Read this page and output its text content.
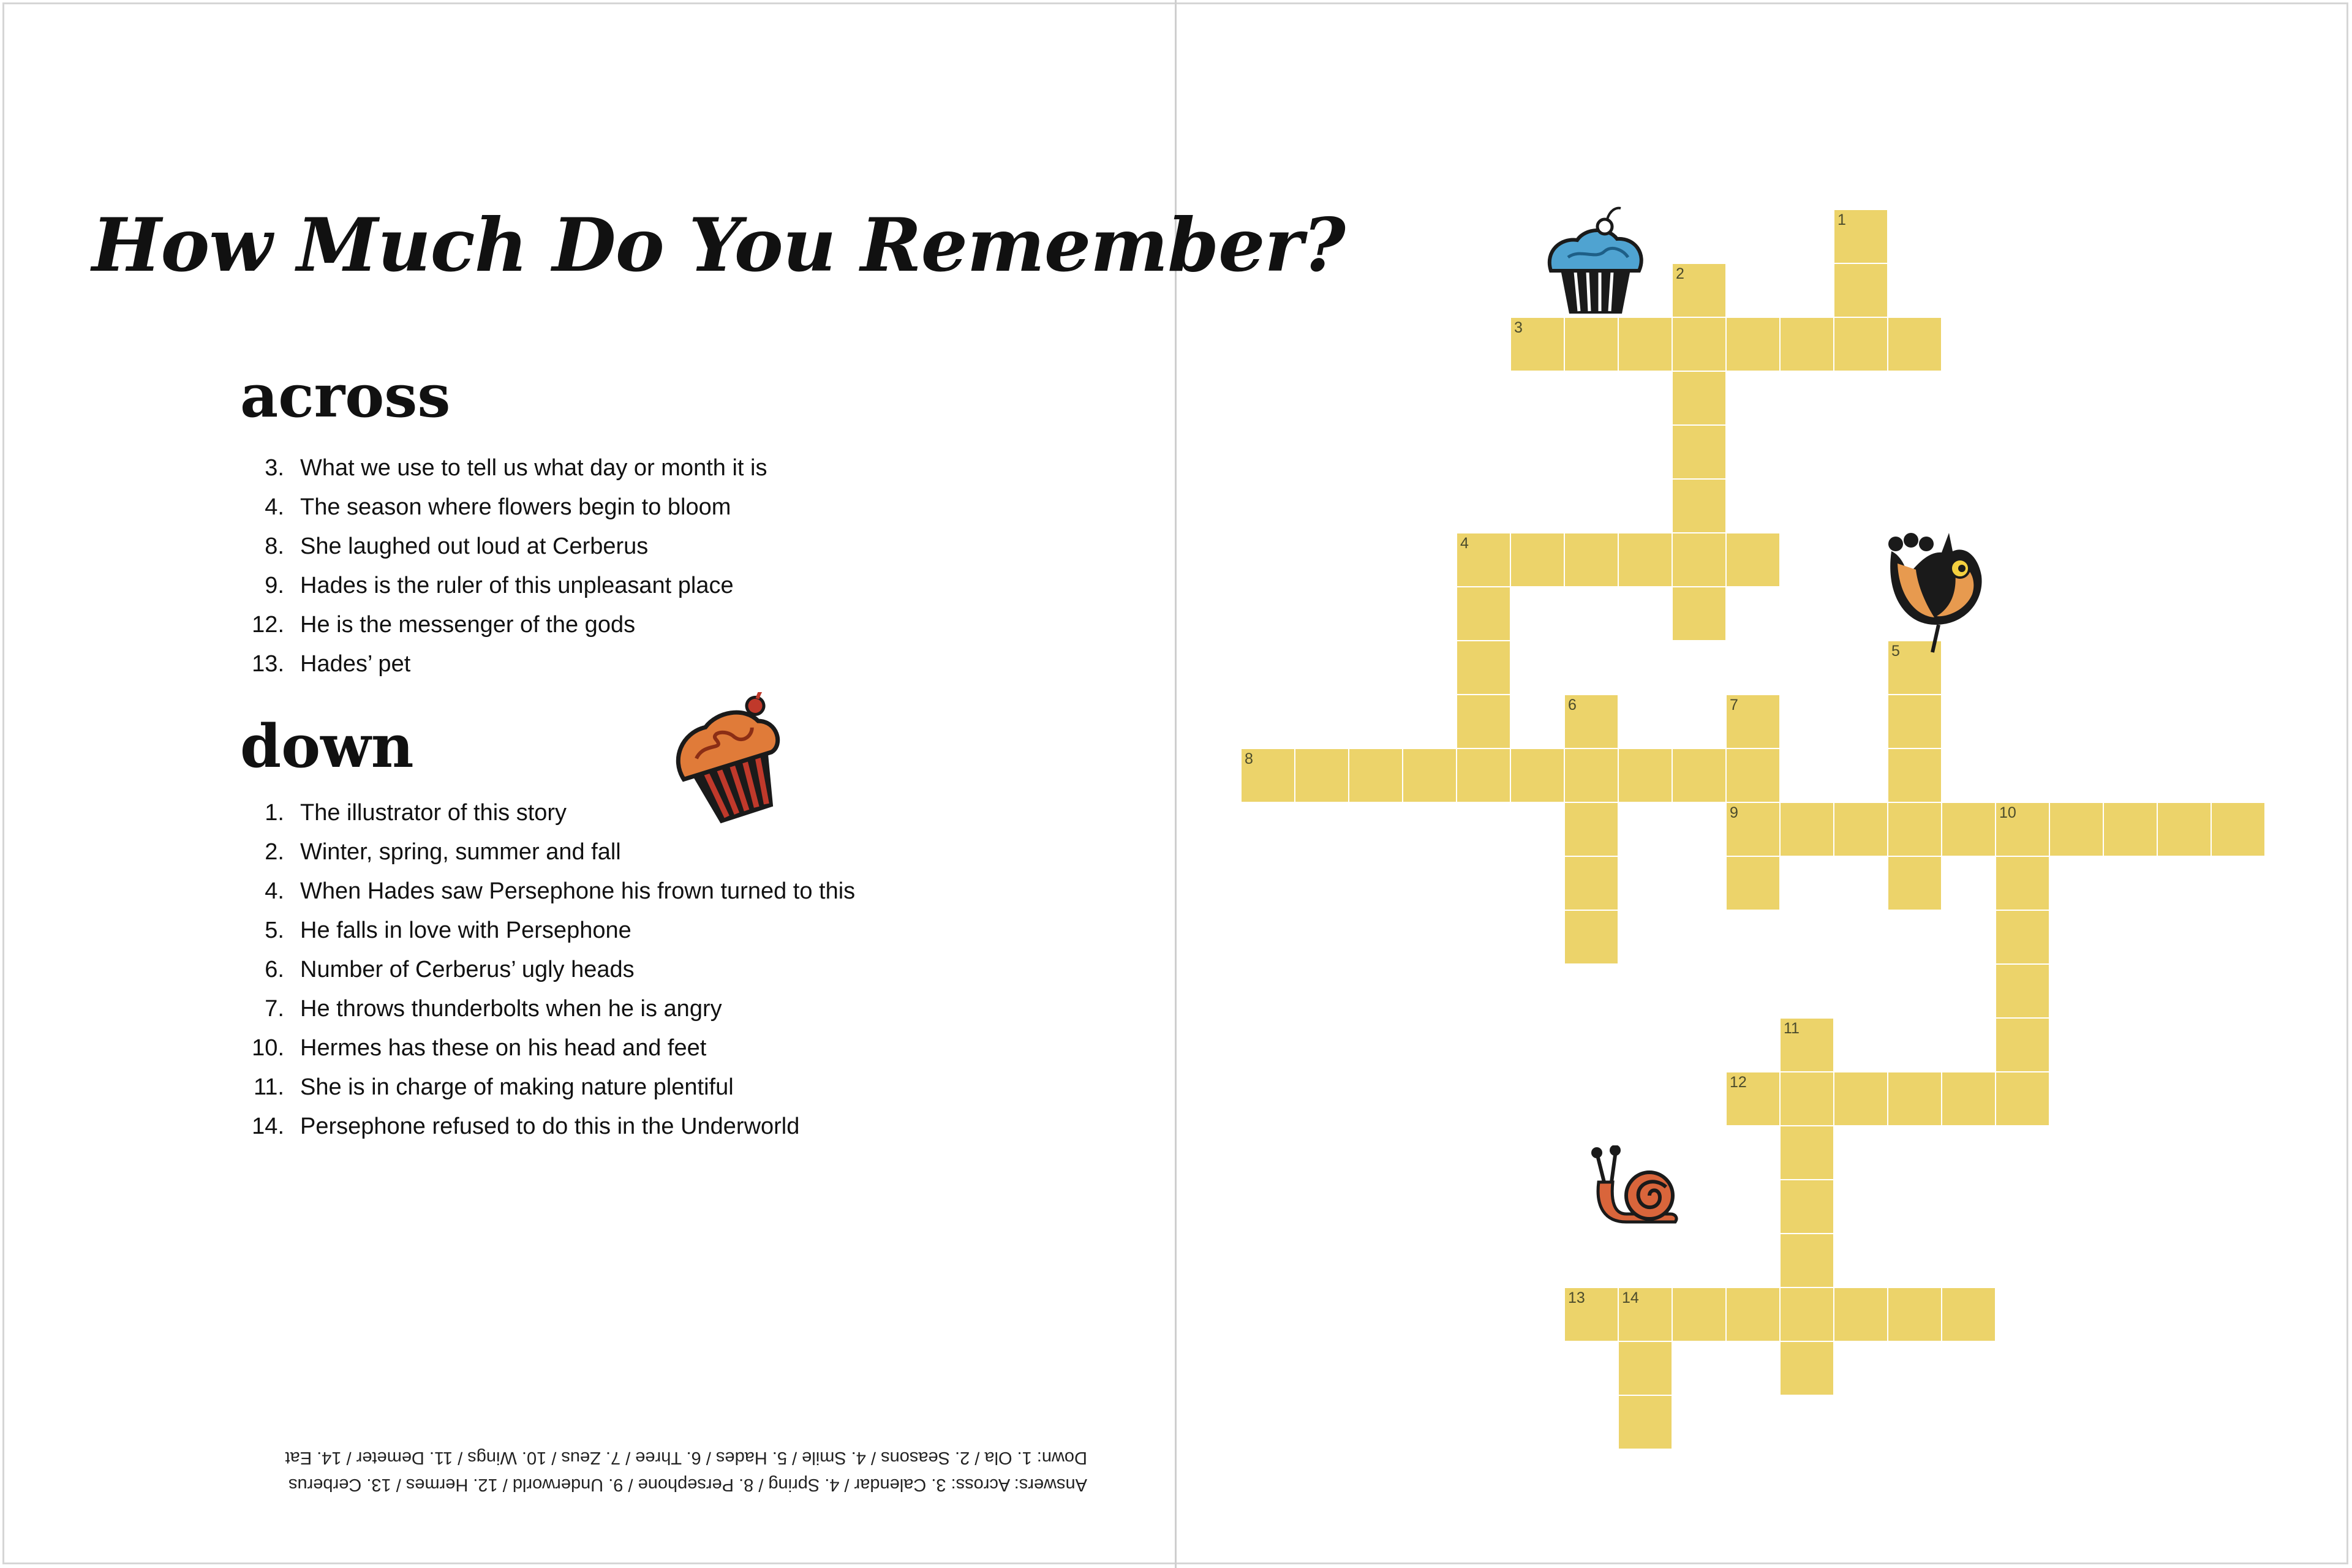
How Much Do You Remember?
across
3. What we use to tell us what day or month it is
4. The season where flowers begin to bloom
8. She laughed out loud at Cerberus
9. Hades is the ruler of this unpleasant place
12. He is the messenger of the gods
13. Hades’ pet
down
1. The illustrator of this story
2. Winter, spring, summer and fall
4. When Hades saw Persephone his frown turned to this
5. He falls in love with Persephone
6. Number of Cerberus’ ugly heads
7. He throws thunderbolts when he is angry
10. Hermes has these on his head and feet
11. She is in charge of making nature plentiful
14. Persephone refused to do this in the Underworld
Answers: Across: 3. Calendar / 4. Spring / 8. Persephone / 9. Underworld / 12. Hermes / 13. Cerberus
Down: 1. Ola / 2. Seasons / 4. Smile / 5. Hades / 6. Three / 7. Zeus / 10. Wings / 11. Demeter / 14. Eat
1
2
3
4
5
6	7
9
8
10
11
12
13 14
